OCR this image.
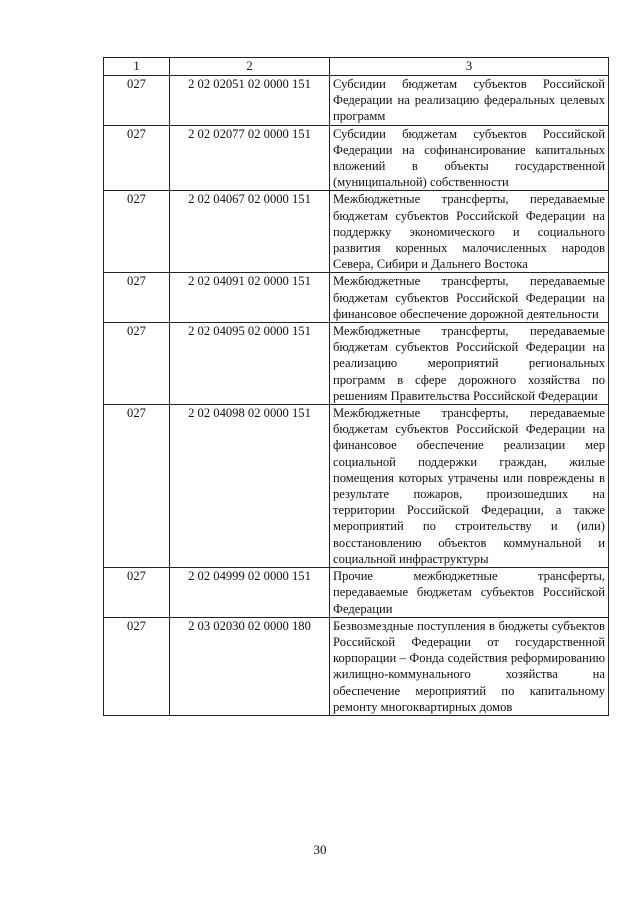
1	2	3
027	2 02 02051 02 0000 151	Субсидии бюджетам субъектов Российской Федерации на реализацию федеральных целевых программ
027	2 02 02077 02 0000 151	Субсидии бюджетам субъектов Российской Федерации на софинансирование капитальных вложений в объекты государственной (муниципальной) собственности
027	2 02 04067 02 0000 151	Межбюджетные трансферты, передаваемые бюджетам субъектов Российской Федерации на поддержку экономического и социального развития коренных малочисленных народов Севера, Сибири и Дальнего Востока
027	2 02 04091 02 0000 151	Межбюджетные трансферты, передаваемые бюджетам субъектов Российской Федерации на финансовое обеспечение дорожной деятельности
027	2 02 04095 02 0000 151	Межбюджетные трансферты, передаваемые бюджетам субъектов Российской Федерации на реализацию мероприятий региональных программ в сфере дорожного хозяйства по решениям Правительства Российской Федерации
027	2 02 04098 02 0000 151	Межбюджетные трансферты, передаваемые бюджетам субъектов Российской Федерации на финансовое обеспечение реализации мер социальной поддержки граждан, жилые помещения которых утрачены или повреждены в результате пожаров, произошедших на территории Российской Федерации, а также мероприятий по строительству и (или) восстановлению объектов коммунальной и социальной инфраструктуры
027	2 02 04999 02 0000 151	Прочие межбюджетные трансферты, передаваемые бюджетам субъектов Российской Федерации
027	2 03 02030 02 0000 180	Безвозмездные поступления в бюджеты субъектов Российской Федерации от государственной корпорации – Фонда содействия реформированию жилищно-коммунального хозяйства на обеспечение мероприятий по капитальному ремонту многоквартирных домов
30
